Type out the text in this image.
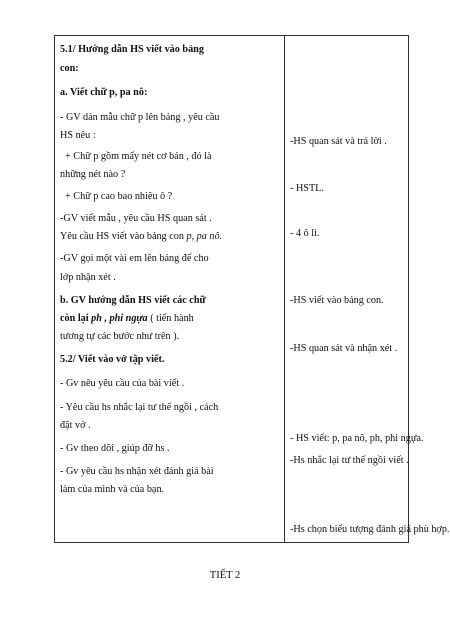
5.1/ Hướng dẫn HS viết vào bảng
con:
a. Viết chữ p, pa nô:
- GV dán mẫu chữ p lên bảng , yêu cầu
HS nêu :
+ Chữ p gồm mấy nét cơ bản , đó là
những nét nào ?
+ Chữ p cao bao nhiêu ô ?
-GV viết mẫu , yêu cầu HS quan sát .
Yêu cầu HS viết vào bảng con p, pa nô.
-GV gọi một vài em lên bảng để cho
lớp nhận xét .
b. GV hướng dẫn HS viết các chữ
còn lại ph , phi ngựa ( tiến hành
tương tự các bước như trên ).
5.2/ Viết vào vở tập viết.
- Gv nêu yêu cầu của bài viết .
- Yêu cầu hs nhắc lại tư thế ngồi , cách
đặt vở .
- Gv theo dõi , giúp đỡ hs .
- Gv yêu cầu hs nhận xét đánh giá bài
làm của mình và của bạn.
-HS quan sát và trả lời .
- HSTL.
- 4 ô li.
-HS viết vào bảng con.
-HS quan sát và nhận xét .
- HS viết: p, pa nô, ph, phi ngựa.
-Hs nhắc lại tư thế ngồi viết .
-Hs chọn biểu tượng đánh giá phù hợp.
TIẾT 2
